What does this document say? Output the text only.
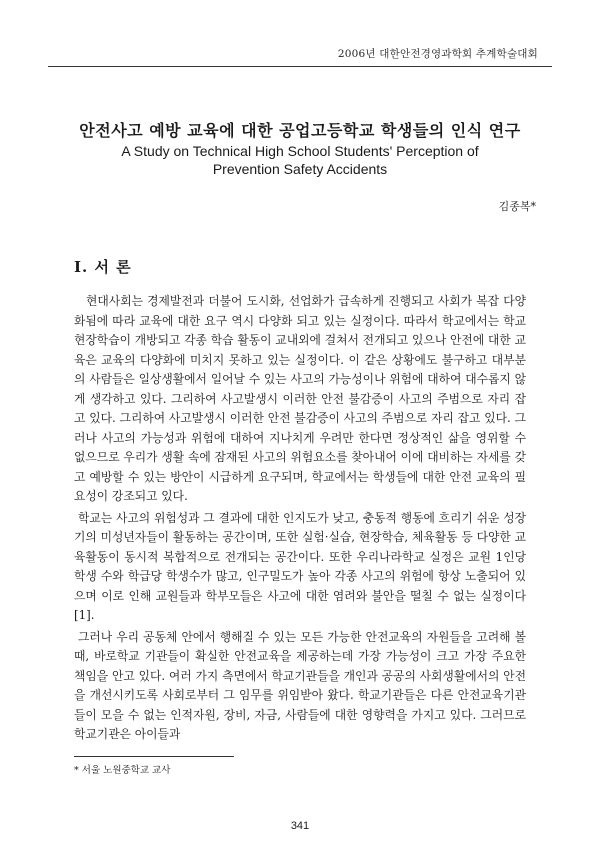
2006년 대한안전경영과학회 추계학술대회
안전사고 예방 교육에 대한 공업고등학교 학생들의 인식 연구
A Study on Technical High School Students' Perception of
Prevention Safety Accidents
김종복*
Ⅰ. 서 론

현대사회는 경제발전과 더불어 도시화, 선업화가 급속하게 진행되고 사회가 복잡 다양화됨에 따라 교육에 대한 요구 역시 다양화 되고 있는 실정이다. 따라서 학교에서는 학교 현장학습이 개방되고 각종 학습 활동이 교내외에 걸쳐서 전개되고 있으나 안전에 대한 교육은 교육의 다양화에 미치지 못하고 있는 실정이다. 이 같은 상황에도 불구하고 대부분의 사람들은 일상생활에서 일어날 수 있는 사고의 가능성이나 위험에 대하여 대수롭지 않게 생각하고 있다. 그리하여 사고발생시 이러한 안전 불감증이 사고의 주범으로 자리 잡고 있다. 그리하여 사고발생시 이러한 안전 불감증이 사고의 주범으로 자리 잡고 있다. 그러나 사고의 가능성과 위험에 대하여 지나치게 우려만 한다면 정상적인 삶을 영위할 수 없으므로 우리가 생활 속에 잠재된 사고의 위험요소를 찾아내어 이에 대비하는 자세를 갖고 예방할 수 있는 방안이 시급하게 요구되며, 학교에서는 학생들에 대한 안전 교육의 필요성이 강조되고 있다.

학교는 사고의 위험성과 그 결과에 대한 인지도가 낮고, 충동적 행동에 흐리기 쉬운 성장기의 미성년자들이 활동하는 공간이며, 또한 실험·실습, 현장학습, 체육활동 등 다양한 교육활동이 동시적 복합적으로 전개되는 공간이다. 또한 우리나라학교 실정은 교원 1인당 학생 수와 학급당 학생수가 많고, 인구밀도가 높아 각종 사고의 위험에 항상 노출되어 있으며 이로 인해 교원들과 학부모들은 사고에 대한 염려와 불안을 떨칠 수 없는 실정이다[1].

그러나 우리 공동체 안에서 행해질 수 있는 모든 가능한 안전교육의 자원들을 고려해 볼 때, 바로학교 기관들이 확실한 안전교육을 제공하는데 가장 가능성이 크고 가장 주요한 책임을 안고 있다. 여러 가지 측면에서 학교기관들을 개인과 공공의 사회생활에서의 안전을 개선시키도록 사회로부터 그 임무를 위임받아 왔다. 학교기관들은 다른 안전교육기관들이 모을 수 없는 인적자원, 장비, 자금, 사람들에 대한 영향력을 가지고 있다. 그러므로 학교기관은 아이들과

* 서울 노원중학교 교사
341
